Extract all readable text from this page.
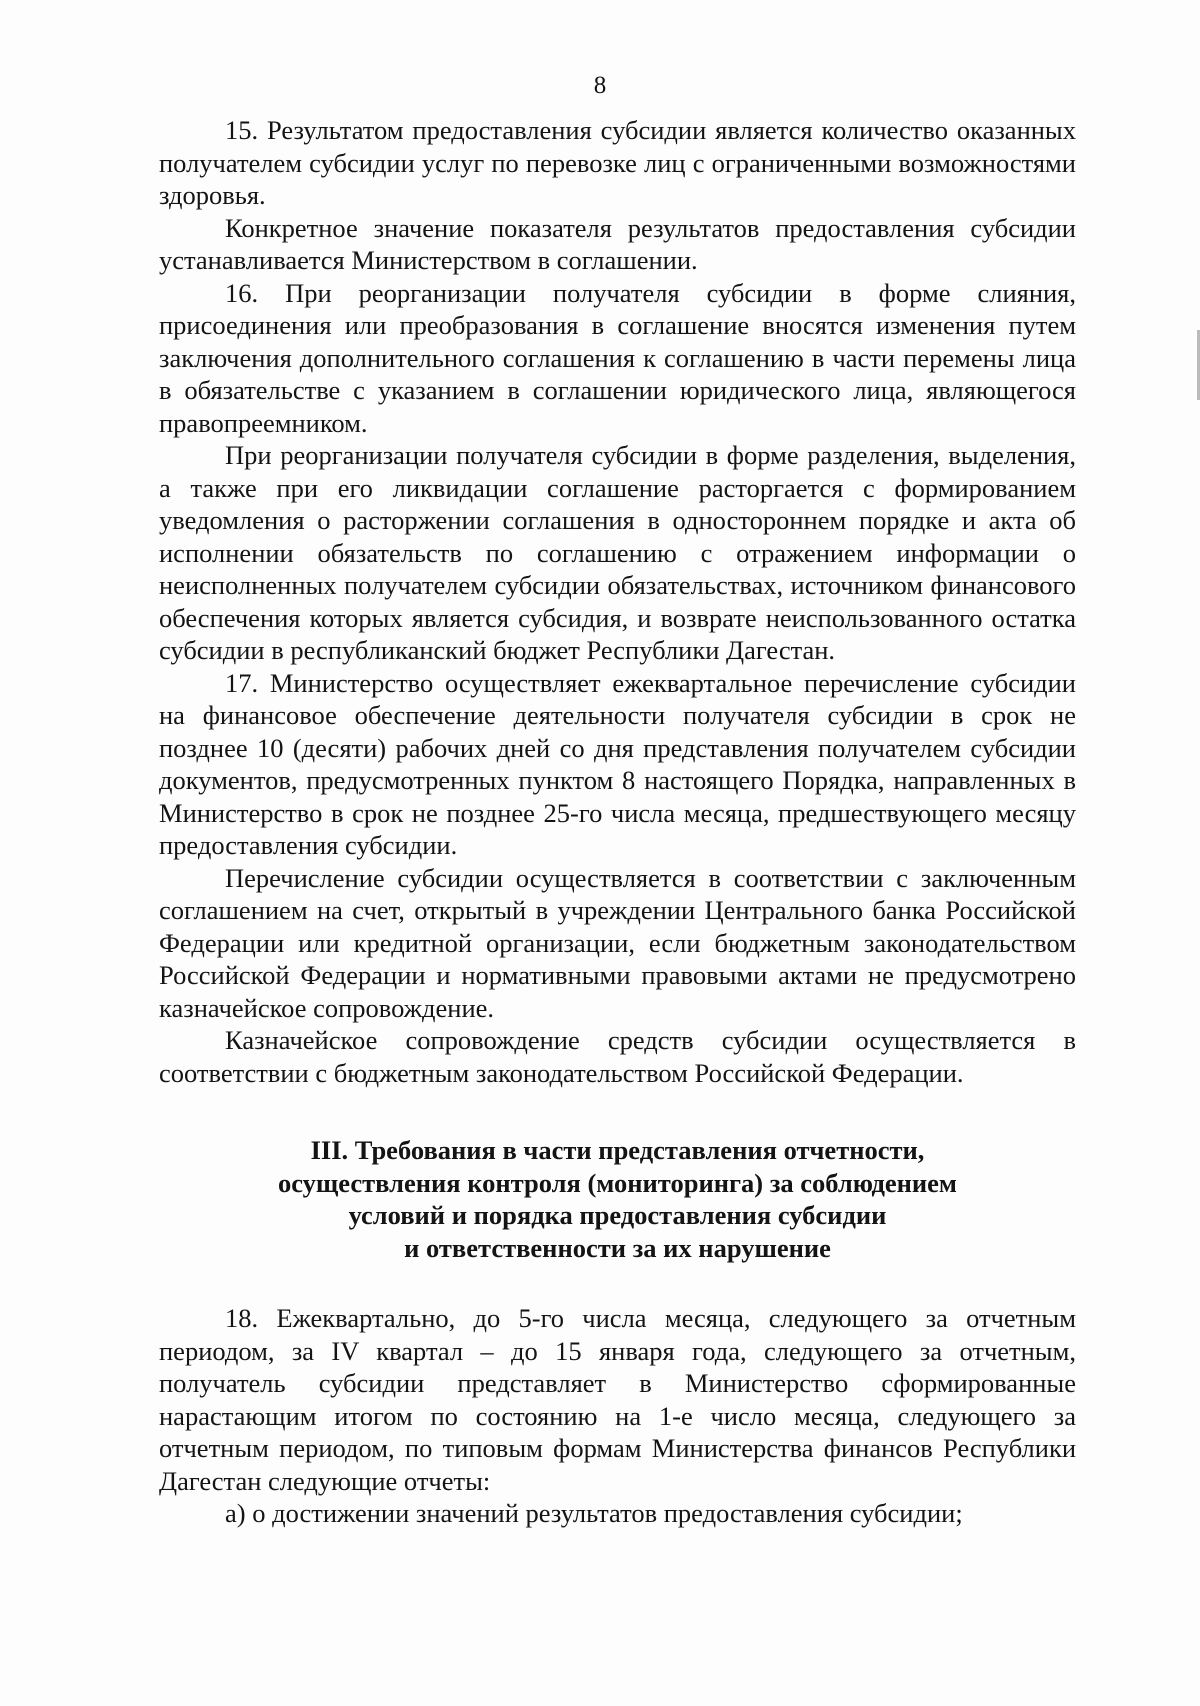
8

15. Результатом предоставления субсидии является количество оказанных получателем субсидии услуг по перевозке лиц с ограниченными возможностями здоровья.

Конкретное значение показателя результатов предоставления субсидии устанавливается Министерством в соглашении.

16. При реорганизации получателя субсидии в форме слияния, присоединения или преобразования в соглашение вносятся изменения путем заключения дополнительного соглашения к соглашению в части перемены лица в обязательстве с указанием в соглашении юридического лица, являющегося правопреемником.

При реорганизации получателя субсидии в форме разделения, выделения, а также при его ликвидации соглашение расторгается с формированием уведомления о расторжении соглашения в одностороннем порядке и акта об исполнении обязательств по соглашению с отражением информации о неисполненных получателем субсидии обязательствах, источником финансового обеспечения которых является субсидия, и возврате неиспользованного остатка субсидии в республиканский бюджет Республики Дагестан.

17. Министерство осуществляет ежеквартальное перечисление субсидии на финансовое обеспечение деятельности получателя субсидии в срок не позднее 10 (десяти) рабочих дней со дня представления получателем субсидии документов, предусмотренных пунктом 8 настоящего Порядка, направленных в Министерство в срок не позднее 25-го числа месяца, предшествующего месяцу предоставления субсидии.

Перечисление субсидии осуществляется в соответствии с заключенным соглашением на счет, открытый в учреждении Центрального банка Российской Федерации или кредитной организации, если бюджетным законодательством Российской Федерации и нормативными правовыми актами не предусмотрено казначейское сопровождение.

Казначейское сопровождение средств субсидии осуществляется в соответствии с бюджетным законодательством Российской Федерации.

III. Требования в части представления отчетности,
осуществления контроля (мониторинга) за соблюдением
условий и порядка предоставления субсидии
и ответственности за их нарушение

18. Ежеквартально, до 5-го числа месяца, следующего за отчетным периодом, за IV квартал – до 15 января года, следующего за отчетным, получатель субсидии представляет в Министерство сформированные нарастающим итогом по состоянию на 1-е число месяца, следующего за отчетным периодом, по типовым формам Министерства финансов Республики Дагестан следующие отчеты:

а) о достижении значений результатов предоставления субсидии;
